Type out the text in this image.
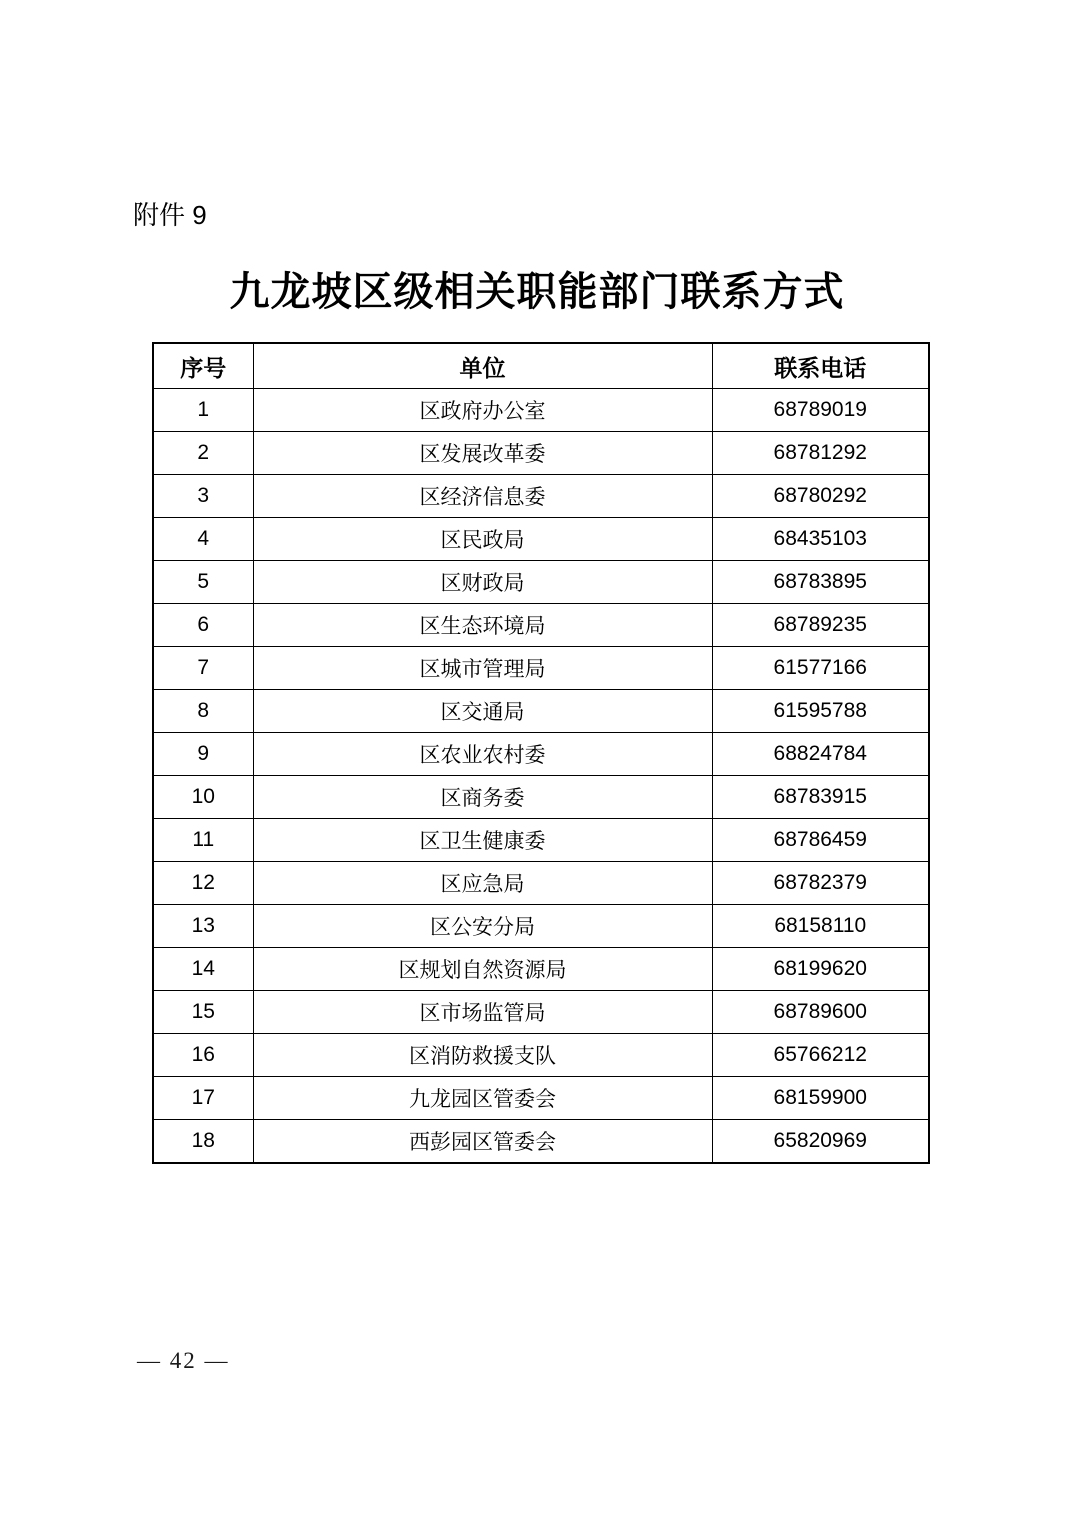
附件 9
九龙坡区级相关职能部门联系方式
序号	单位	联系电话
1	区政府办公室	68789019
2	区发展改革委	68781292
3	区经济信息委	68780292
4	区民政局	68435103
5	区财政局	68783895
6	区生态环境局	68789235
7	区城市管理局	61577166
8	区交通局	61595788
9	区农业农村委	68824784
10	区商务委	68783915
11	区卫生健康委	68786459
12	区应急局	68782379
13	区公安分局	68158110
14	区规划自然资源局	68199620
15	区市场监管局	68789600
16	区消防救援支队	65766212
17	九龙园区管委会	68159900
18	西彭园区管委会	65820969
— 42 —
